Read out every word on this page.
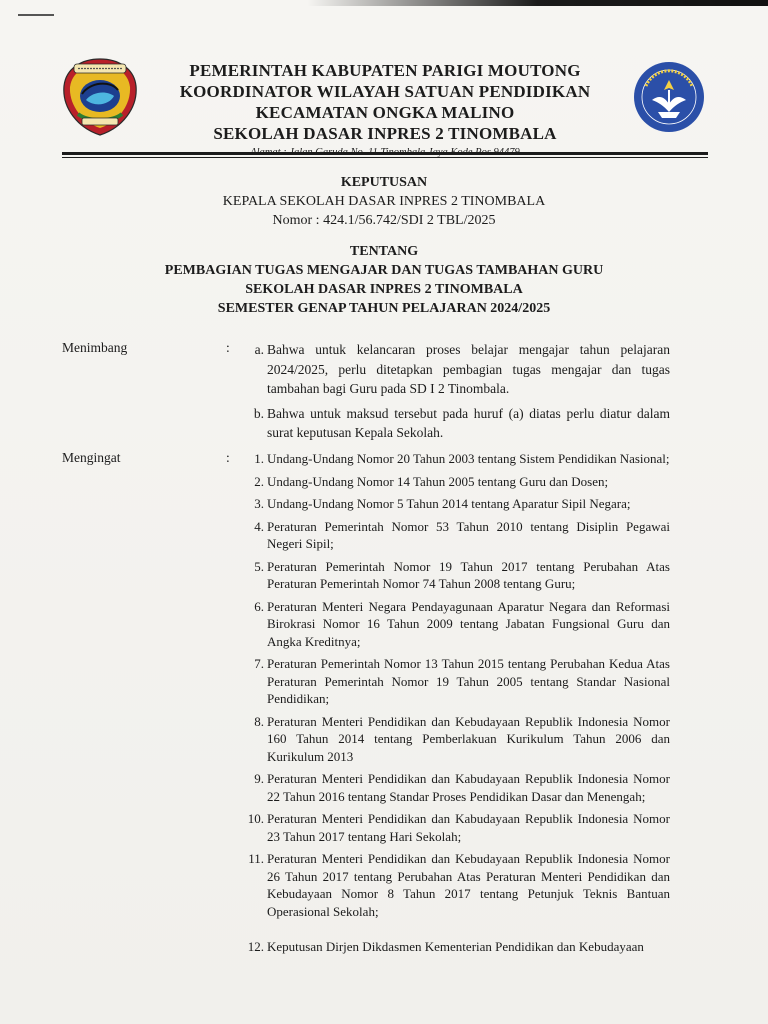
PEMERINTAH KABUPATEN PARIGI MOUTONG
KOORDINATOR WILAYAH SATUAN PENDIDIKAN
KECAMATAN ONGKA MALINO
SEKOLAH DASAR INPRES 2 TINOMBALA
KEPUTUSAN
KEPALA SEKOLAH DASAR INPRES 2 TINOMBALA
Nomor : 424.1/56.742/SDI 2 TBL/2025
TENTANG
PEMBAGIAN TUGAS MENGAJAR DAN TUGAS TAMBAHAN GURU
SEKOLAH DASAR INPRES 2 TINOMBALA
SEMESTER GENAP TAHUN PELAJARAN 2024/2025
Menimbang	:	a. Bahwa untuk kelancaran proses belajar mengajar tahun pelajaran 2024/2025, perlu ditetapkan pembagian tugas mengajar dan tugas tambahan bagi Guru pada SD I 2 Tinombala.
b. Bahwa untuk maksud tersebut pada huruf (a) diatas perlu diatur dalam surat keputusan Kepala Sekolah.
Mengingat	:	1. Undang-Undang Nomor 20 Tahun 2003 tentang Sistem Pendidikan Nasional;
2. Undang-Undang Nomor 14 Tahun 2005 tentang Guru dan Dosen;
3. Undang-Undang Nomor 5 Tahun 2014 tentang Aparatur Sipil Negara;
4. Peraturan Pemerintah Nomor 53 Tahun 2010 tentang Disiplin Pegawai Negeri Sipil;
5. Peraturan Pemerintah Nomor 19 Tahun 2017 tentang Perubahan Atas Peraturan Pemerintah Nomor 74 Tahun 2008 tentang Guru;
6. Peraturan Menteri Negara Pendayagunaan Aparatur Negara dan Reformasi Birokrasi Nomor 16 Tahun 2009 tentang Jabatan Fungsional Guru dan Angka Kreditnya;
7. Peraturan Pemerintah Nomor 13 Tahun 2015 tentang Perubahan Kedua Atas Peraturan Pemerintah Nomor 19 Tahun 2005 tentang Standar Nasional Pendidikan;
8. Peraturan Menteri Pendidikan dan Kebudayaan Republik Indonesia Nomor 160 Tahun 2014 tentang Pemberlakuan Kurikulum Tahun 2006 dan Kurikulum 2013
9. Peraturan Menteri Pendidikan dan Kabudayaan Republik Indonesia Nomor 22 Tahun 2016 tentang Standar Proses Pendidikan Dasar dan Menengah;
10. Peraturan Menteri Pendidikan dan Kabudayaan Republik Indonesia Nomor 23 Tahun 2017 tentang Hari Sekolah;
11. Peraturan Menteri Pendidikan dan Kebudayaan Republik Indonesia Nomor 26 Tahun 2017 tentang Perubahan Atas Peraturan Menteri Pendidikan dan Kebudayaan Nomor 8 Tahun 2017 tentang Petunjuk Teknis Bantuan Operasional Sekolah;
12. Keputusan Dirjen Dikdasmen Kementerian Pendidikan dan Kebudayaan
